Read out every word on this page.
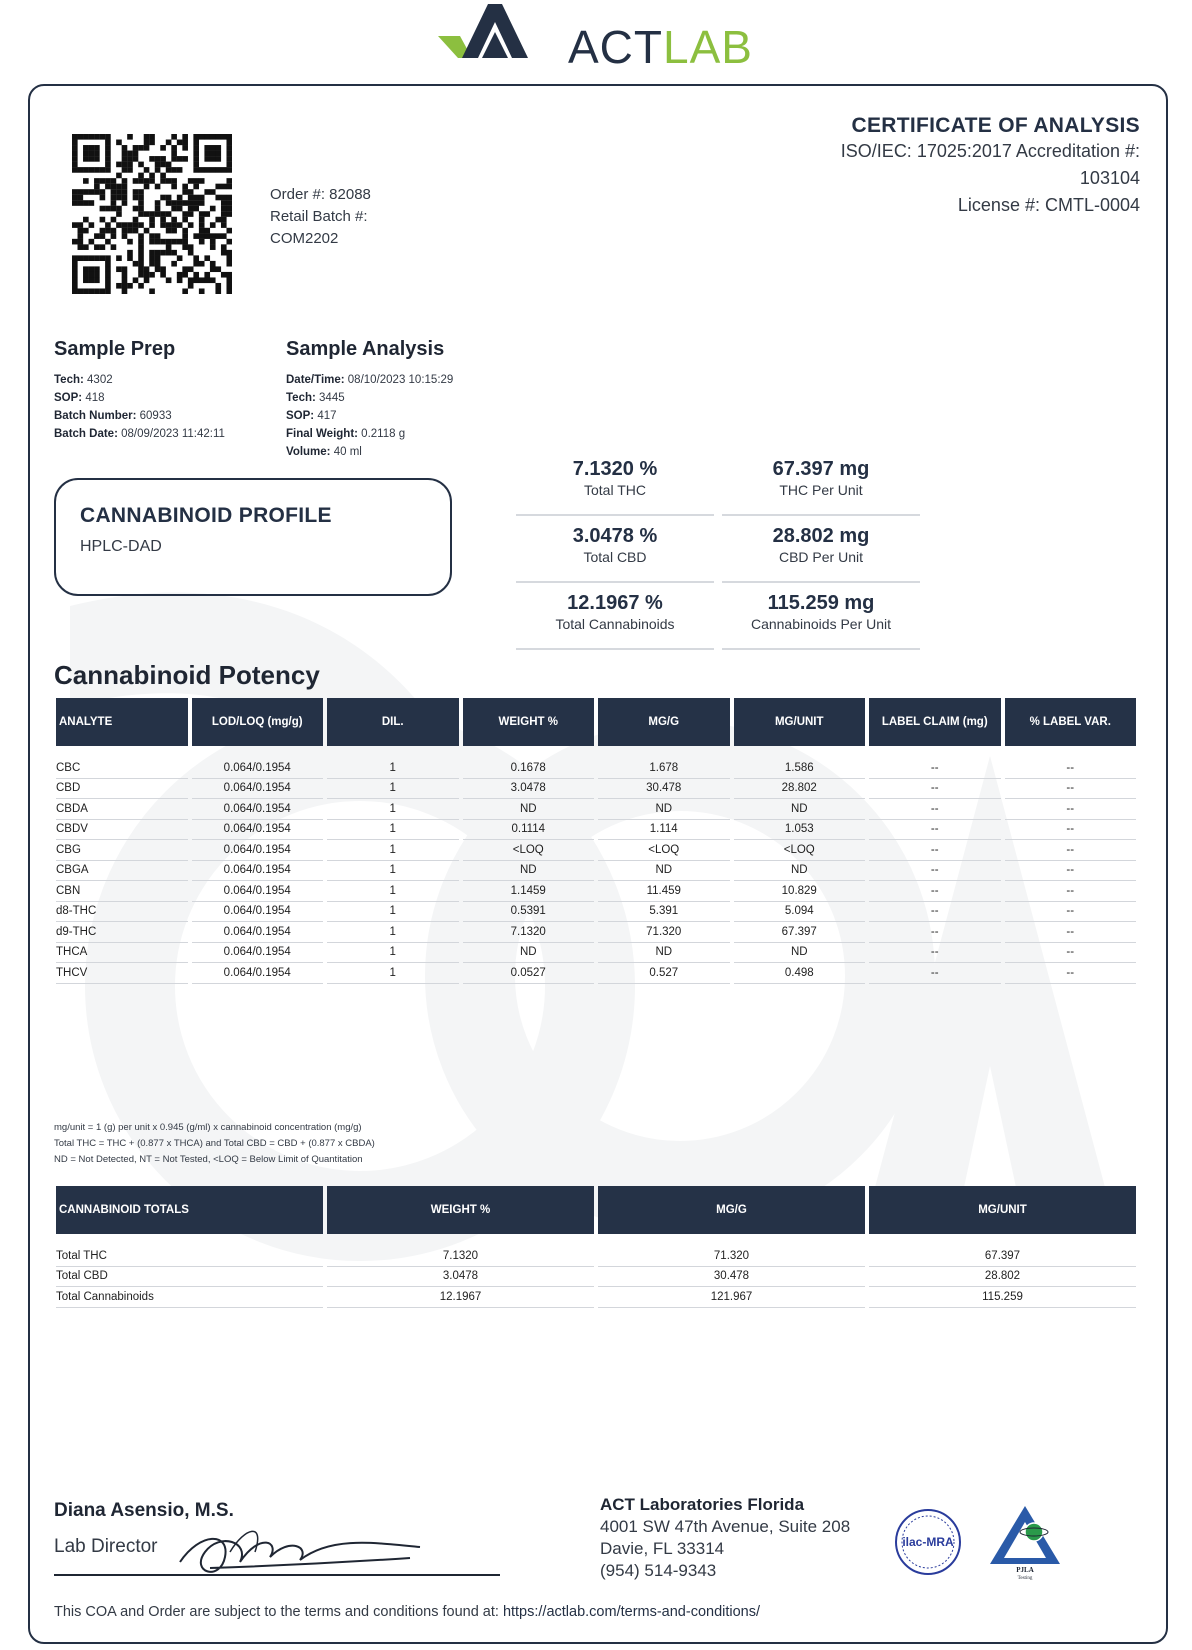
ACTLAB
Order #: 82088
Retail Batch #:
COM2202
CERTIFICATE OF ANALYSIS
ISO/IEC: 17025:2017 Accreditation #:
103104
License #: CMTL-0004
Sample Prep
Tech: 4302
SOP: 418
Batch Number: 60933
Batch Date: 08/09/2023 11:42:11
Sample Analysis
Date/Time: 08/10/2023 10:15:29
Tech: 3445
SOP: 417
Final Weight: 0.2118 g
Volume: 40 ml
CANNABINOID PROFILE
HPLC-DAD
7.1320 %
Total THC
67.397 mg
THC Per Unit
3.0478 %
Total CBD
28.802 mg
CBD Per Unit
12.1967 %
Total Cannabinoids
115.259 mg
Cannabinoids Per Unit
Cannabinoid Potency
ANALYTE	LOD/LOQ (mg/g)	DIL.	WEIGHT %	MG/G	MG/UNIT	LABEL CLAIM (mg)	% LABEL VAR.

CBC	0.064/0.1954	1	0.1678	1.678	1.586	--	--
CBD	0.064/0.1954	1	3.0478	30.478	28.802	--	--
CBDA	0.064/0.1954	1	ND	ND	ND	--	--
CBDV	0.064/0.1954	1	0.1114	1.114	1.053	--	--
CBG	0.064/0.1954	1	<LOQ	<LOQ	<LOQ	--	--
CBGA	0.064/0.1954	1	ND	ND	ND	--	--
CBN	0.064/0.1954	1	1.1459	11.459	10.829	--	--
d8-THC	0.064/0.1954	1	0.5391	5.391	5.094	--	--
d9-THC	0.064/0.1954	1	7.1320	71.320	67.397	--	--
THCA	0.064/0.1954	1	ND	ND	ND	--	--
THCV	0.064/0.1954	1	0.0527	0.527	0.498	--	--
mg/unit = 1 (g) per unit x 0.945 (g/ml) x cannabinoid concentration (mg/g)
Total THC = THC + (0.877 x THCA) and Total CBD = CBD + (0.877 x CBDA)
ND = Not Detected, NT = Not Tested, <LOQ = Below Limit of Quantitation
CANNABINOID TOTALS	WEIGHT %	MG/G	MG/UNIT

Total THC	7.1320	71.320	67.397
Total CBD	3.0478	30.478	28.802
Total Cannabinoids	12.1967	121.967	115.259
Diana Asensio, M.S.
Lab Director
ACT Laboratories Florida
4001 SW 47th Avenue, Suite 208
Davie, FL 33314
(954) 514-9343
ilac-MRA
PJLA
Testing
This COA and Order are subject to the terms and conditions found at: https://actlab.com/terms-and-conditions/
